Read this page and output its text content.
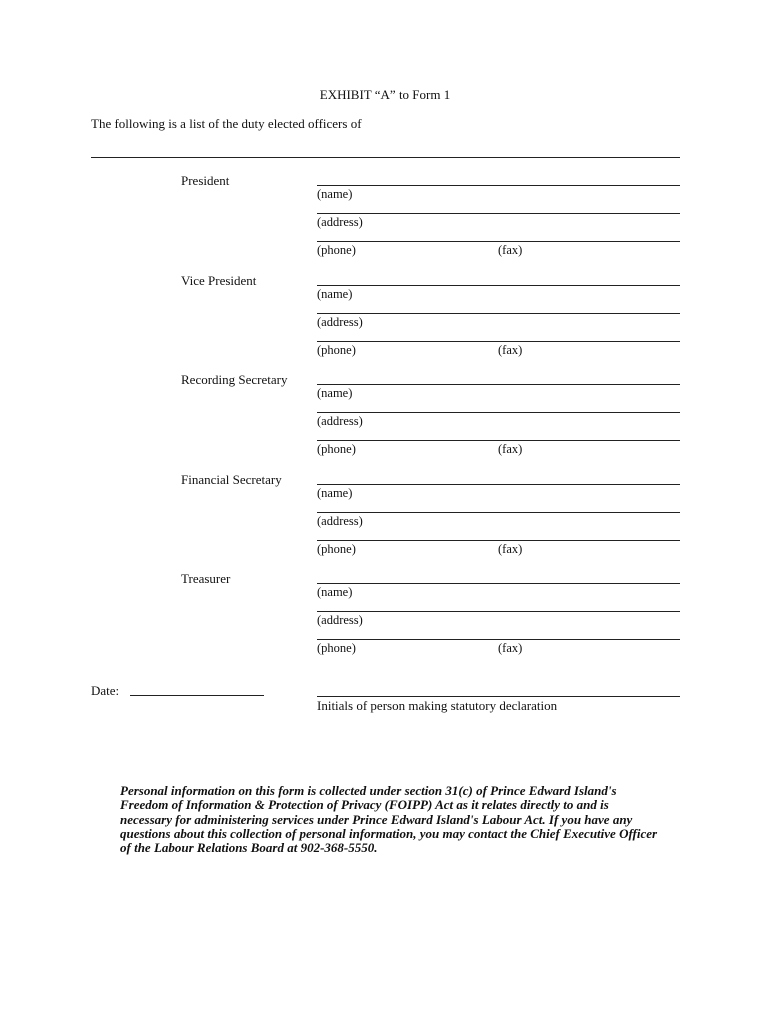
EXHIBIT “A” to Form 1
The following is a list of the duty elected officers of
President
(name)
(address)
(phone)	(fax)
Vice President
(name)
(address)
(phone)	(fax)
Recording Secretary
(name)
(address)
(phone)	(fax)
Financial Secretary
(name)
(address)
(phone)	(fax)
Treasurer
(name)
(address)
(phone)	(fax)
Date:
Initials of person making statutory declaration
Personal information on this form is collected under section 31(c) of Prince Edward Island's Freedom of Information & Protection of Privacy (FOIPP) Act as it relates directly to and is necessary for administering services under Prince Edward Island's Labour Act. If you have any questions about this collection of personal information, you may contact the Chief Executive Officer of the Labour Relations Board at 902-368-5550.
